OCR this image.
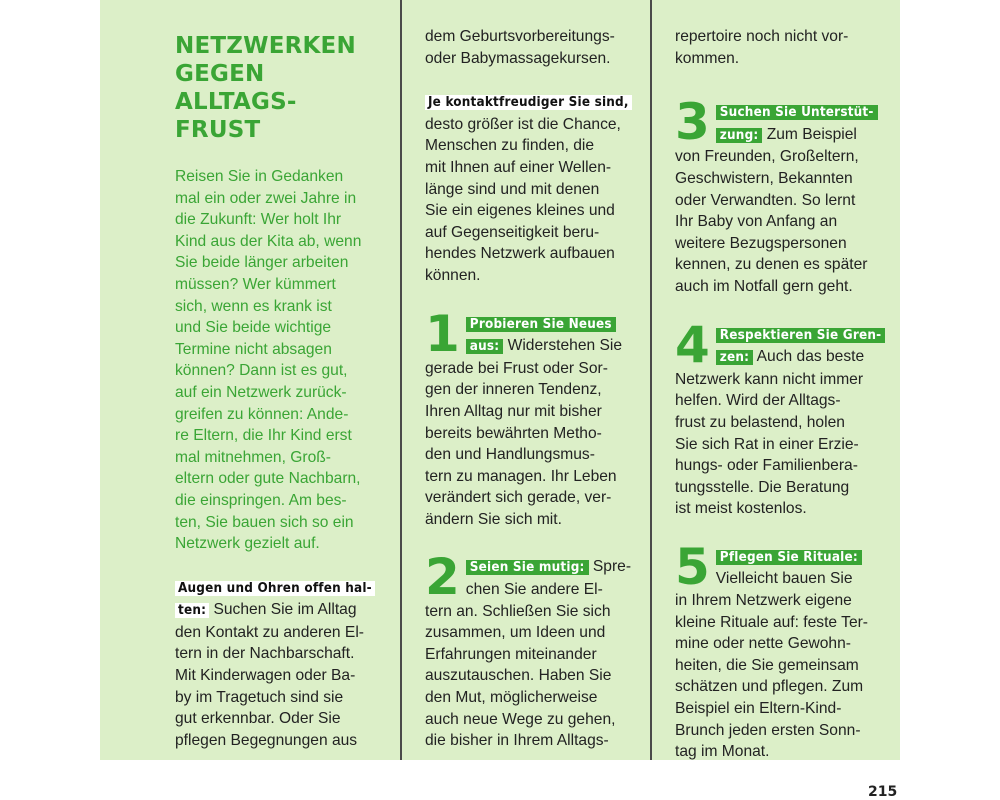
NETZWERKEN
GEGEN ALLTAGS-
FRUST
Reisen Sie in Gedanken
mal ein oder zwei Jahre in
die Zukunft: Wer holt Ihr
Kind aus der Kita ab, wenn
Sie beide länger arbeiten
müssen? Wer kümmert
sich, wenn es krank ist
und Sie beide wichtige
Termine nicht absagen
können? Dann ist es gut,
auf ein Netzwerk zurück-
greifen zu können: Ande-
re Eltern, die Ihr Kind erst
mal mitnehmen, Groß-
eltern oder gute Nachbarn,
die einspringen. Am bes-
ten, Sie bauen sich so ein
Netzwerk gezielt auf.
Augen und Ohren offen hal-
ten: Suchen Sie im Alltag
den Kontakt zu anderen El-
tern in der Nachbarschaft.
Mit Kinderwagen oder Ba-
by im Tragetuch sind sie
gut erkennbar. Oder Sie
pflegen Begegnungen aus
dem Geburtsvorbereitungs-
oder Babymassagekursen.
Je kontaktfreudiger Sie sind,
desto größer ist die Chance,
Menschen zu finden, die
mit Ihnen auf einer Wellen-
länge sind und mit denen
Sie ein eigenes kleines und
auf Gegenseitigkeit beru-
hendes Netzwerk aufbauen
können.
1 Probieren Sie Neues
aus: Widerstehen Sie
gerade bei Frust oder Sor-
gen der inneren Tendenz,
Ihren Alltag nur mit bisher
bereits bewährten Metho-
den und Handlungsmus-
tern zu managen. Ihr Leben
verändert sich gerade, ver-
ändern Sie sich mit.
2 Seien Sie mutig: Spre-
chen Sie andere El-
tern an. Schließen Sie sich
zusammen, um Ideen und
Erfahrungen miteinander
auszutauschen. Haben Sie
den Mut, möglicherweise
auch neue Wege zu gehen,
die bisher in Ihrem Alltags-
repertoire noch nicht vor-
kommen.
3 Suchen Sie Unterstüt-
zung: Zum Beispiel
von Freunden, Großeltern,
Geschwistern, Bekannten
oder Verwandten. So lernt
Ihr Baby von Anfang an
weitere Bezugspersonen
kennen, zu denen es später
auch im Notfall gern geht.
4 Respektieren Sie Gren-
zen: Auch das beste
Netzwerk kann nicht immer
helfen. Wird der Alltags-
frust zu belastend, holen
Sie sich Rat in einer Erzie-
hungs- oder Familienbera-
tungsstelle. Die Beratung
ist meist kostenlos.
5 Pflegen Sie Rituale:
Vielleicht bauen Sie
in Ihrem Netzwerk eigene
kleine Rituale auf: feste Ter-
mine oder nette Gewohn-
heiten, die Sie gemeinsam
schätzen und pflegen. Zum
Beispiel ein Eltern-Kind-
Brunch jeden ersten Sonn-
tag im Monat.
215
